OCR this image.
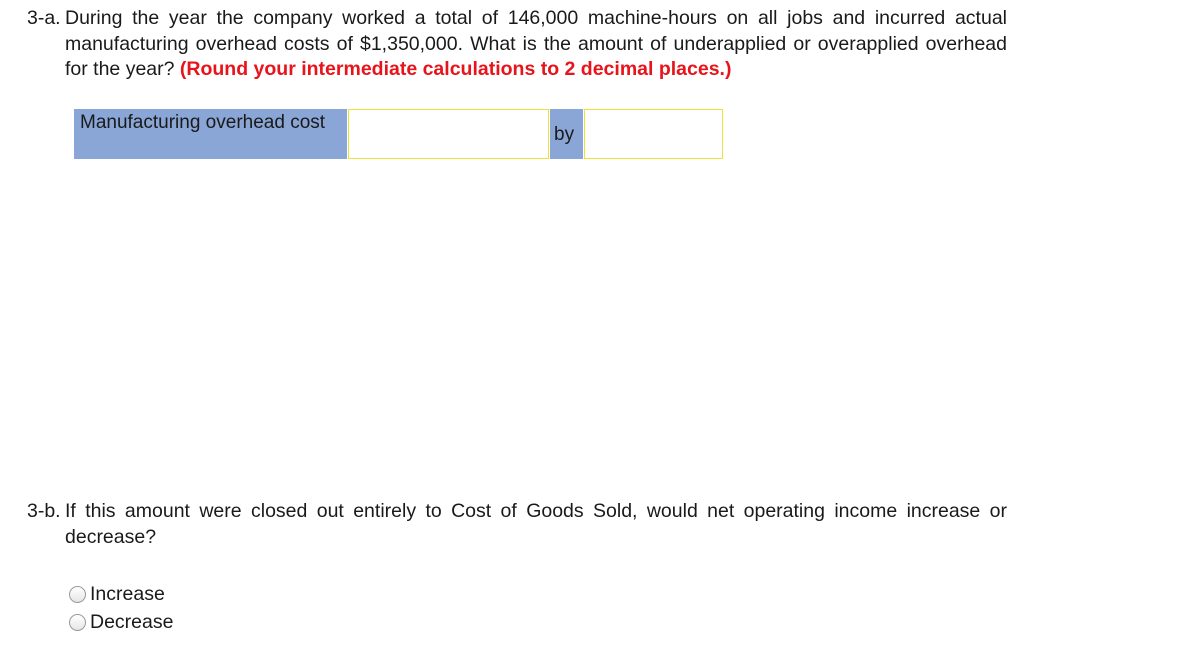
3-a. During the year the company worked a total of 146,000 machine-hours on all jobs and incurred actual manufacturing overhead costs of $1,350,000. What is the amount of underapplied or overapplied overhead for the year? (Round your intermediate calculations to 2 decimal places.)
Manufacturing overhead cost
by
3-b. If this amount were closed out entirely to Cost of Goods Sold, would net operating income increase or decrease?
Increase
Decrease
